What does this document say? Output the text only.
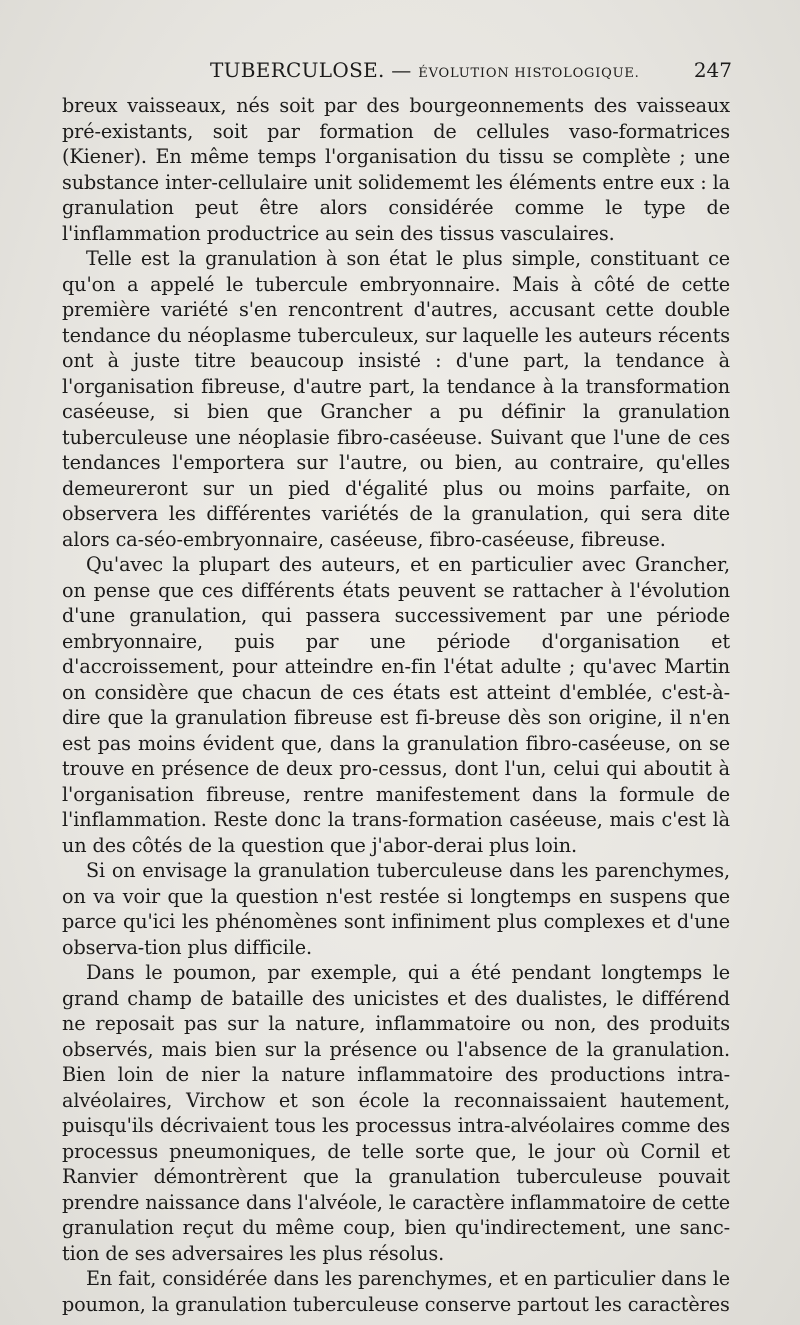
TUBERCULOSE. — ÉVOLUTION HISTOLOGIQUE.	247

breux vaisseaux, nés soit par des bourgeonnements des vaisseaux pré-existants, soit par formation de cellules vaso-formatrices (Kiener). En même temps l'organisation du tissu se complète ; une substance inter-cellulaire unit solidememt les éléments entre eux : la granulation peut être alors considérée comme le type de l'inflammation productrice au sein des tissus vasculaires.

Telle est la granulation à son état le plus simple, constituant ce qu'on a appelé le tubercule embryonnaire. Mais à côté de cette première variété s'en rencontrent d'autres, accusant cette double tendance du néoplasme tuberculeux, sur laquelle les auteurs récents ont à juste titre beaucoup insisté : d'une part, la tendance à l'organisation fibreuse, d'autre part, la tendance à la transformation caséeuse, si bien que Grancher a pu définir la granulation tuberculeuse une néoplasie fibro-caséeuse. Suivant que l'une de ces tendances l'emportera sur l'autre, ou bien, au contraire, qu'elles demeureront sur un pied d'égalité plus ou moins parfaite, on observera les différentes variétés de la granulation, qui sera dite alors ca-séo-embryonnaire, caséeuse, fibro-caséeuse, fibreuse.

Qu'avec la plupart des auteurs, et en particulier avec Grancher, on pense que ces différents états peuvent se rattacher à l'évolution d'une granulation, qui passera successivement par une période embryonnaire, puis par une période d'organisation et d'accroissement, pour atteindre en-fin l'état adulte ; qu'avec Martin on considère que chacun de ces états est atteint d'emblée, c'est-à-dire que la granulation fibreuse est fi-breuse dès son origine, il n'en est pas moins évident que, dans la granulation fibro-caséeuse, on se trouve en présence de deux pro-cessus, dont l'un, celui qui aboutit à l'organisation fibreuse, rentre manifestement dans la formule de l'inflammation. Reste donc la trans-formation caséeuse, mais c'est là un des côtés de la question que j'abor-derai plus loin.

Si on envisage la granulation tuberculeuse dans les parenchymes, on va voir que la question n'est restée si longtemps en suspens que parce qu'ici les phénomènes sont infiniment plus complexes et d'une observa-tion plus difficile.

Dans le poumon, par exemple, qui a été pendant longtemps le grand champ de bataille des unicistes et des dualistes, le différend ne reposait pas sur la nature, inflammatoire ou non, des produits observés, mais bien sur la présence ou l'absence de la granulation. Bien loin de nier la nature inflammatoire des productions intra-alvéolaires, Virchow et son école la reconnaissaient hautement, puisqu'ils décrivaient tous les processus intra-alvéolaires comme des processus pneumoniques, de telle sorte que, le jour où Cornil et Ranvier démontrèrent que la granulation tuberculeuse pouvait prendre naissance dans l'alvéole, le caractère inflammatoire de cette granulation reçut du même coup, bien qu'indirectement, une sanc-tion de ses adversaires les plus résolus.

En fait, considérée dans les parenchymes, et en particulier dans le poumon, la granulation tuberculeuse conserve partout les caractères
